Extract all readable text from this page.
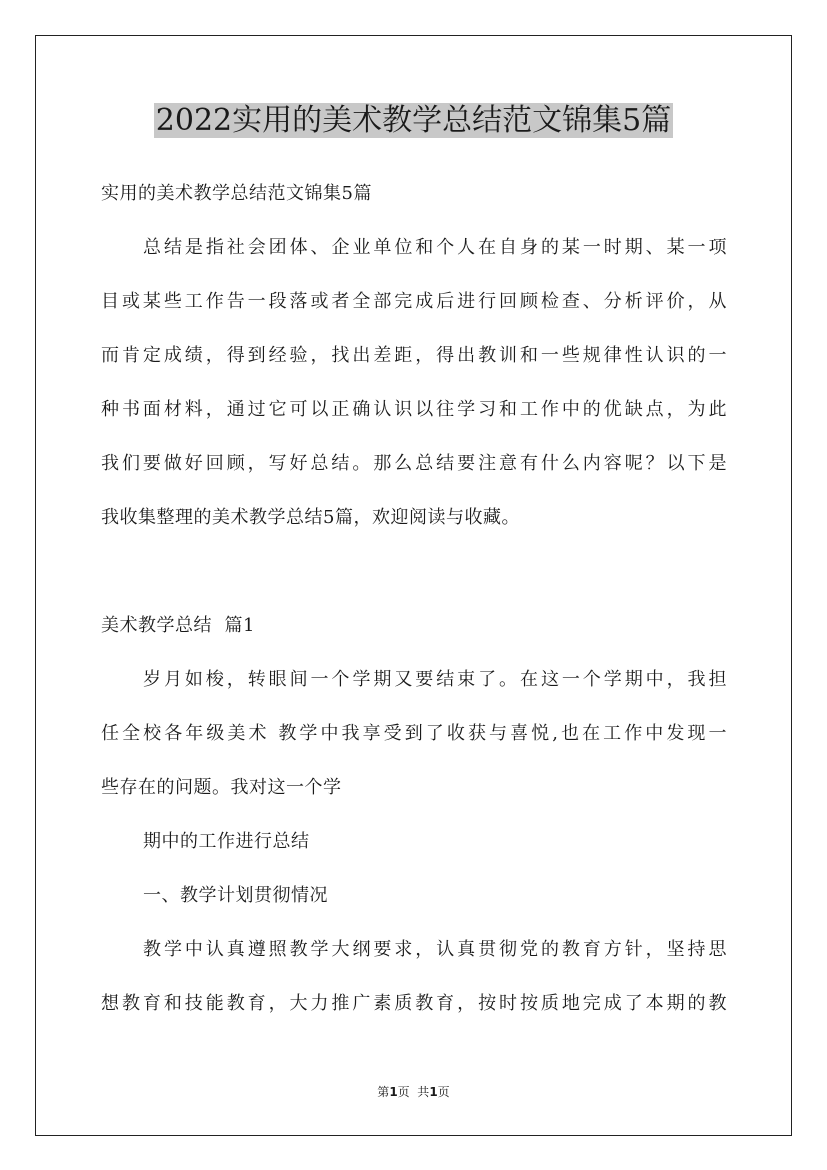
2022实用的美术教学总结范文锦集5篇
实用的美术教学总结范文锦集5篇
总结是指社会团体、企业单位和个人在自身的某一时期、某一项
目或某些工作告一段落或者全部完成后进行回顾检查、分析评价，从
而肯定成绩，得到经验，找出差距，得出教训和一些规律性认识的一
种书面材料，通过它可以正确认识以往学习和工作中的优缺点，为此
我们要做好回顾，写好总结。那么总结要注意有什么内容呢？以下是
我收集整理的美术教学总结5篇，欢迎阅读与收藏。
美术教学总结  篇1
岁月如梭，转眼间一个学期又要结束了。在这一个学期中，我担
任全校各年级美术 教学中我享受到了收获与喜悦,也在工作中发现一
些存在的问题。我对这一个学
期中的工作进行总结
一、教学计划贯彻情况
教学中认真遵照教学大纲要求，认真贯彻党的教育方针，坚持思
想教育和技能教育，大力推广素质教育，按时按质地完成了本期的教
第1页  共1页
